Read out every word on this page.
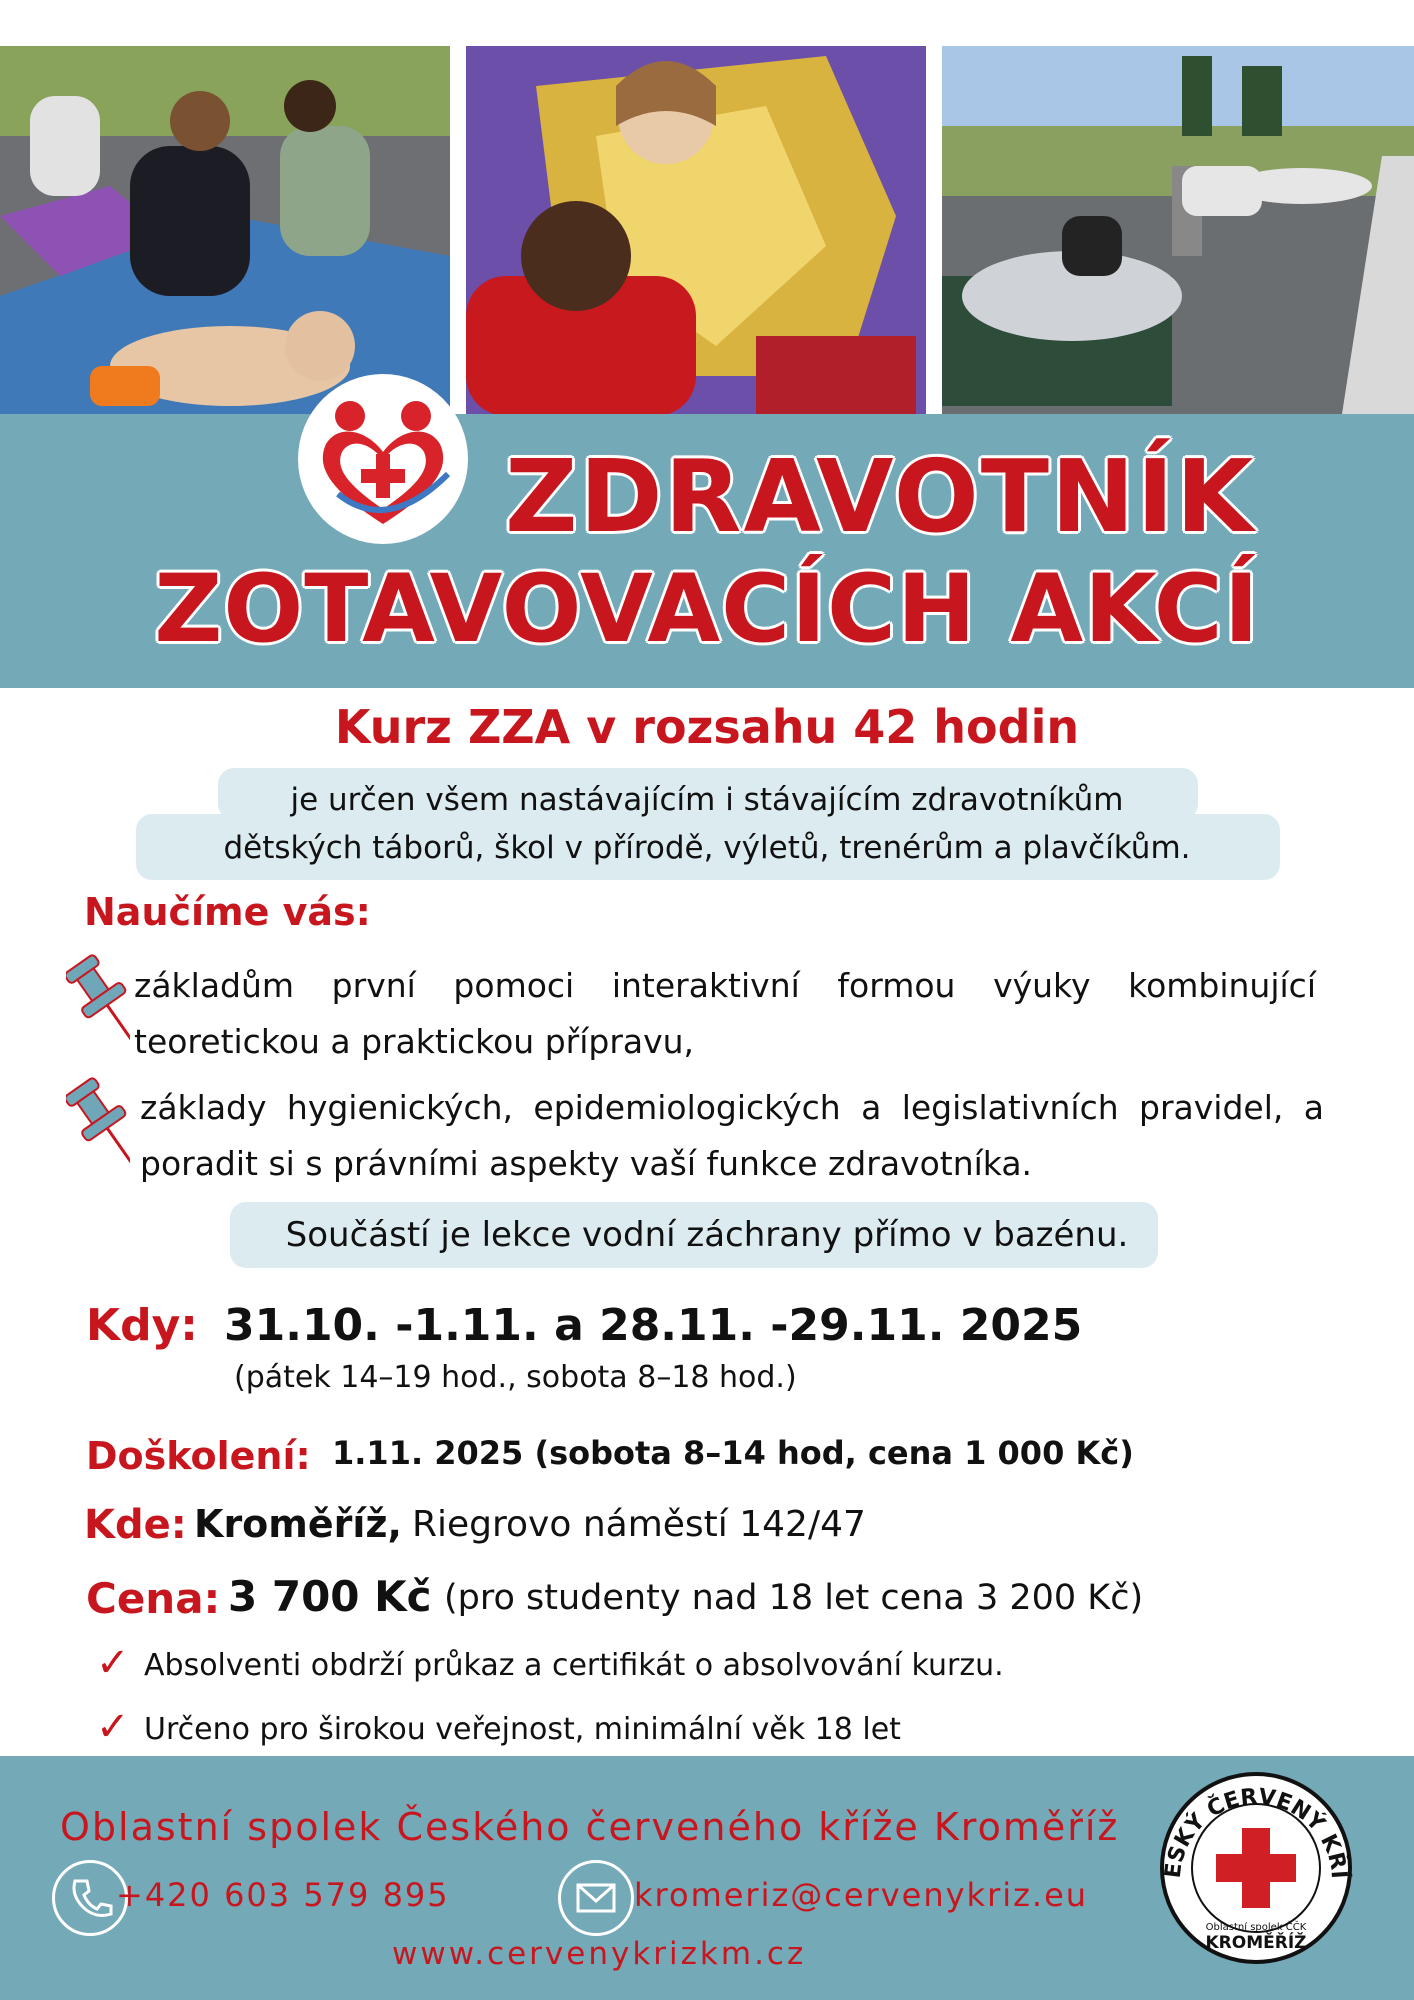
ZDRAVOTNÍK
ZOTAVOVACÍCH AKCÍ
Kurz ZZA v rozsahu 42 hodin
je určen všem nastávajícím i stávajícím zdravotníkům
dětských táborů, škol v přírodě, výletů, trenérům a plavčíkům.
Naučíme vás:
základům první pomoci interaktivní formou výuky kombinující teoretickou a praktickou přípravu,
základy hygienických, epidemiologických a legislativních pravidel, a poradit si s právními aspekty vaší funkce zdravotníka.
Součástí je lekce vodní záchrany přímo v bazénu.
Kdy: 31.10. -1.11. a 28.11. -29.11. 2025
(pátek 14–19 hod., sobota 8–18 hod.)
Doškolení: 1.11. 2025 (sobota 8–14 hod, cena 1 000 Kč)
Kde: Kroměříž, Riegrovo náměstí 142/47
Cena: 3 700 Kč (pro studenty nad 18 let cena 3 200 Kč)
✓ Absolventi obdrží průkaz a certifikát o absolvování kurzu.
✓ Určeno pro širokou veřejnost, minimální věk 18 let
Oblastní spolek Českého červeného kříže Kroměříž
+420 603 579 895	kromeriz@cervenykriz.eu
www.cervenykrizkm.cz
ESKÝ ČERVENÝ KŘÍ
Oblastní spolek ČČK
KROMĚŘÍŽ
